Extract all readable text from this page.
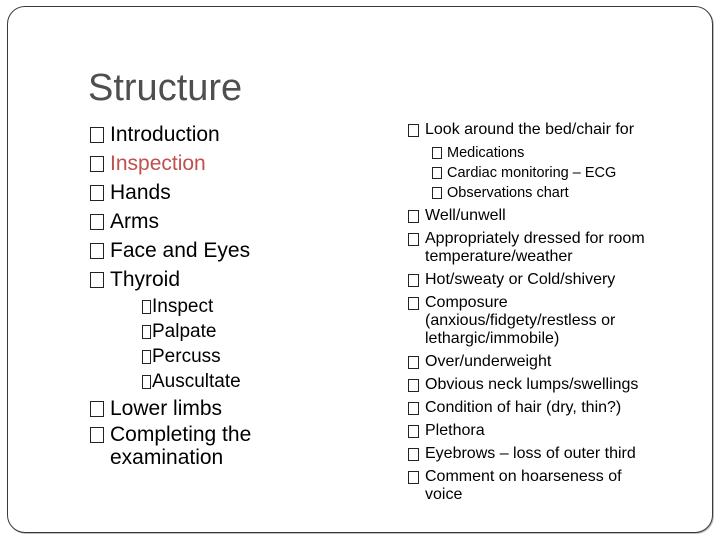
Structure
Introduction
Inspection
Hands
Arms
Face and Eyes
Thyroid
Inspect
Palpate
Percuss
Auscultate
Lower limbs
Completing the
examination
Look around the bed/chair for
Medications
Cardiac monitoring – ECG
Observations chart
Well/unwell
Appropriately dressed for room
temperature/weather
Hot/sweaty or Cold/shivery
Composure
(anxious/fidgety/restless or
lethargic/immobile)
Over/underweight
Obvious neck lumps/swellings
Condition of hair (dry, thin?)
Plethora
Eyebrows – loss of outer third
Comment on hoarseness of
voice
